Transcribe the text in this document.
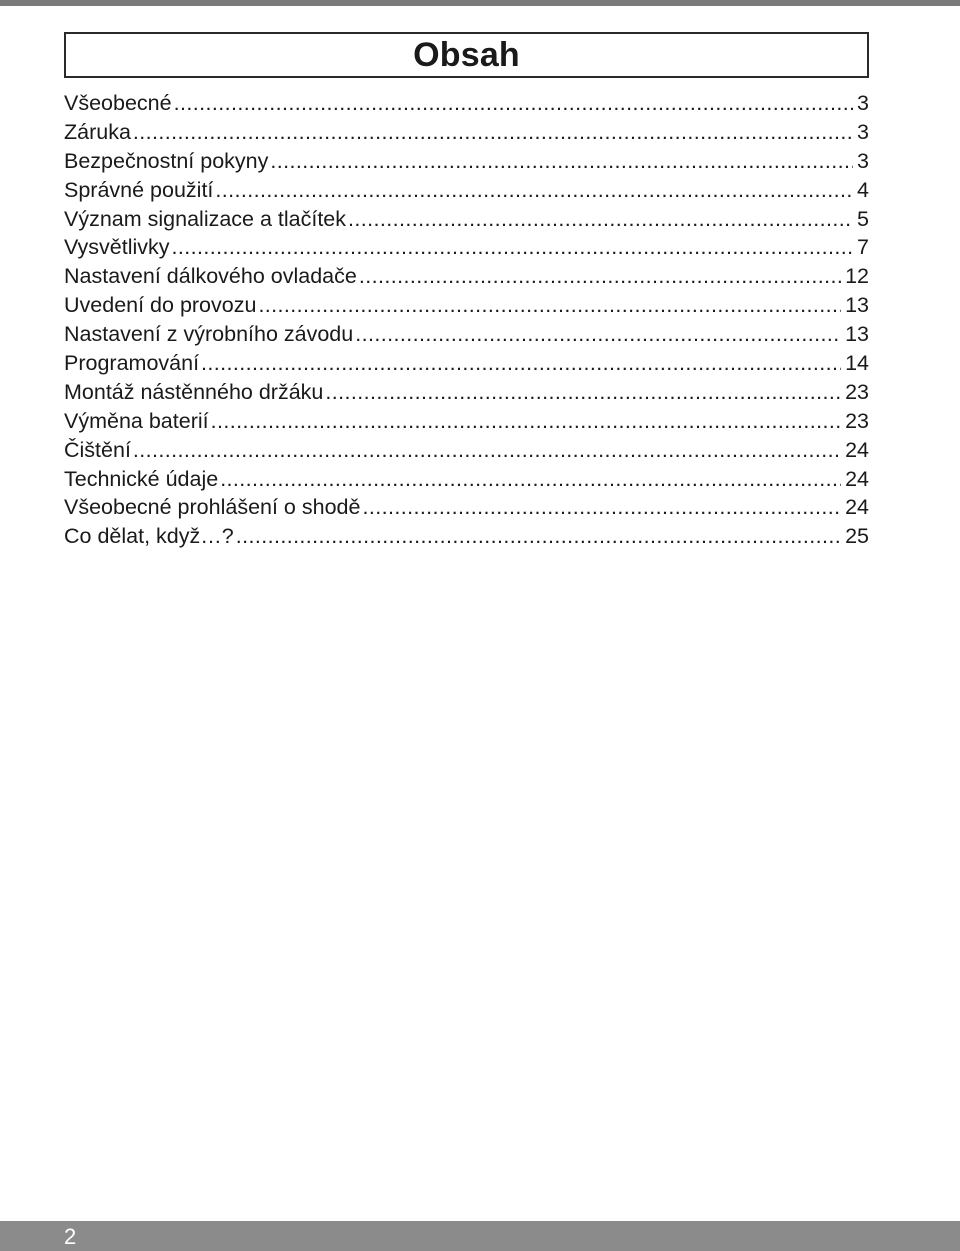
Obsah
Všeobecné .....	3
Záruka .....	3
Bezpečnostní pokyny .....	3
Správné použití .....	4
Význam signalizace a tlačítek .....	5
Vysvětlivky .....	7
Nastavení dálkového ovladače .....	12
Uvedení do provozu .....	13
Nastavení z výrobního závodu .....	13
Programování .....	14
Montáž nástěnného držáku .....	23
Výměna baterií .....	23
Čištění .....	24
Technické údaje .....	24
Všeobecné prohlášení o shodě .....	24
Co dělat, když…? .....	25
2
